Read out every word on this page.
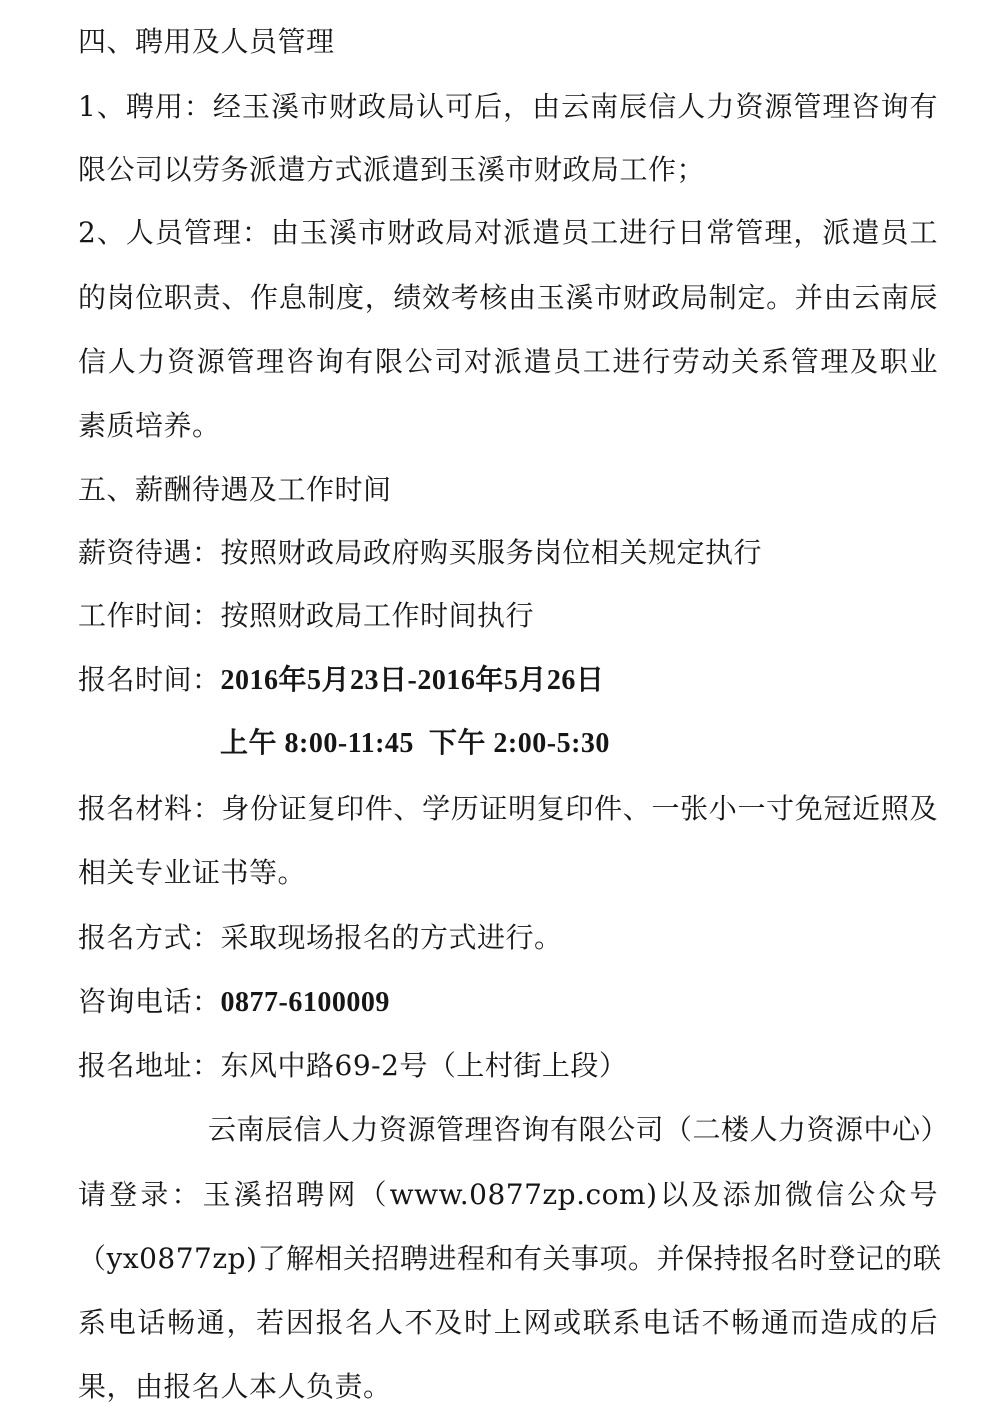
四、聘用及人员管理
1、聘用：经玉溪市财政局认可后，由云南辰信人力资源管理咨询有
限公司以劳务派遣方式派遣到玉溪市财政局工作；
2、人员管理：由玉溪市财政局对派遣员工进行日常管理，派遣员工
的岗位职责、作息制度，绩效考核由玉溪市财政局制定。并由云南辰
信人力资源管理咨询有限公司对派遣员工进行劳动关系管理及职业
素质培养。
五、薪酬待遇及工作时间
薪资待遇：按照财政局政府购买服务岗位相关规定执行
工作时间：按照财政局工作时间执行
报名时间：2016年5月23日-2016年5月26日
上午 8:00-11:45  下午 2:00-5:30
报名材料：身份证复印件、学历证明复印件、一张小一寸免冠近照及
相关专业证书等。
报名方式：采取现场报名的方式进行。
咨询电话：0877-6100009
报名地址：东风中路69-2号（上村街上段）
云南辰信人力资源管理咨询有限公司（二楼人力资源中心）
请登录：玉溪招聘网（www.0877zp.com)以及添加微信公众号
（yx0877zp)了解相关招聘进程和有关事项。并保持报名时登记的联
系电话畅通，若因报名人不及时上网或联系电话不畅通而造成的后
果，由报名人本人负责。
